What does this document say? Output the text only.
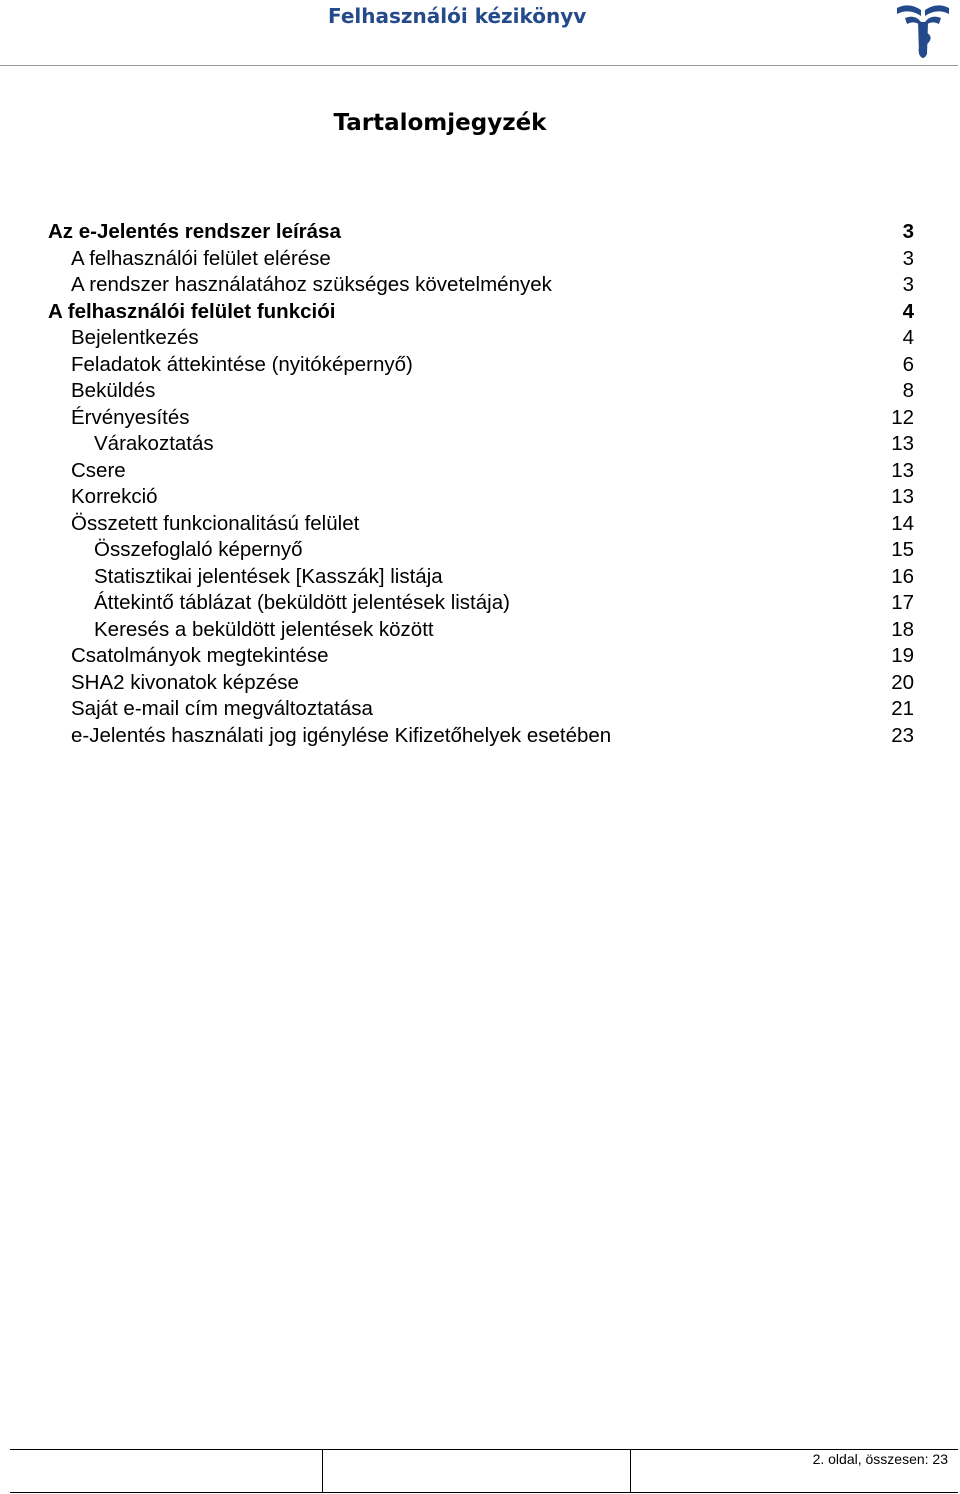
Felhasználói kézikönyv
Tartalomjegyzék
Az e-Jelentés rendszer leírása	3
A felhasználói felület elérése	3
A rendszer használatához szükséges követelmények	3
A felhasználói felület funkciói	4
Bejelentkezés	4
Feladatok áttekintése (nyitóképernyő)	6
Beküldés	8
Érvényesítés	12
Várakoztatás	13
Csere	13
Korrekció	13
Összetett funkcionalitású felület	14
Összefoglaló képernyő	15
Statisztikai jelentések [Kasszák] listája	16
Áttekintő táblázat (beküldött jelentések listája)	17
Keresés a beküldött jelentések között	18
Csatolmányok megtekintése	19
SHA2 kivonatok képzése	20
Saját e-mail cím megváltoztatása	21
e-Jelentés használati jog igénylése Kifizetőhelyek esetében	23
2. oldal, összesen: 23
